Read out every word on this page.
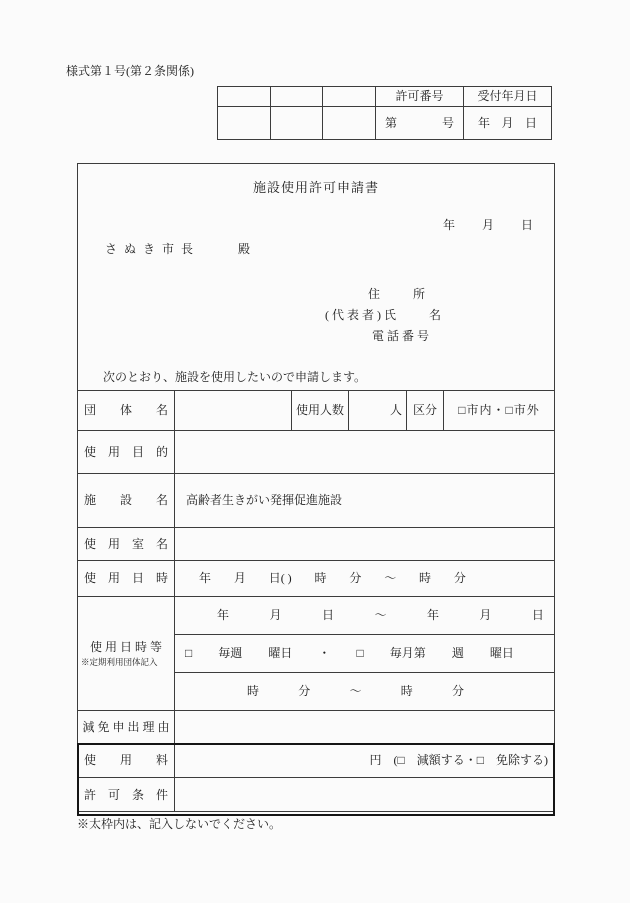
様式第１号(第２条関係)
許可番号	受付年月日
第	号 年 月 日
施設使用許可申請書
年　　月　　日
さぬき市長　　殿
住　　所
(代表者)氏　　名
電話番号
次のとおり、施設を使用したいので申請します。
団　　体　　名	使用人数	人 区分 □市内・□市外
使　用　目　的
施　　設　　名 高齢者生きがい発揮促進施設
使　用　室　名
使　用　日　時	年 月 日( ) 時 分 ～ 時 分
使 用 日 時 等
※定期利用団体記入
年	月	日	～	年	月	日
□ 毎週 曜日 ・ □ 毎月第 週 曜日
時	分	～	時	分
減免申出理由
使　　用　　料	円　(□　減額する・□　免除する)
許　可　条　件
※太枠内は、記入しないでください。
